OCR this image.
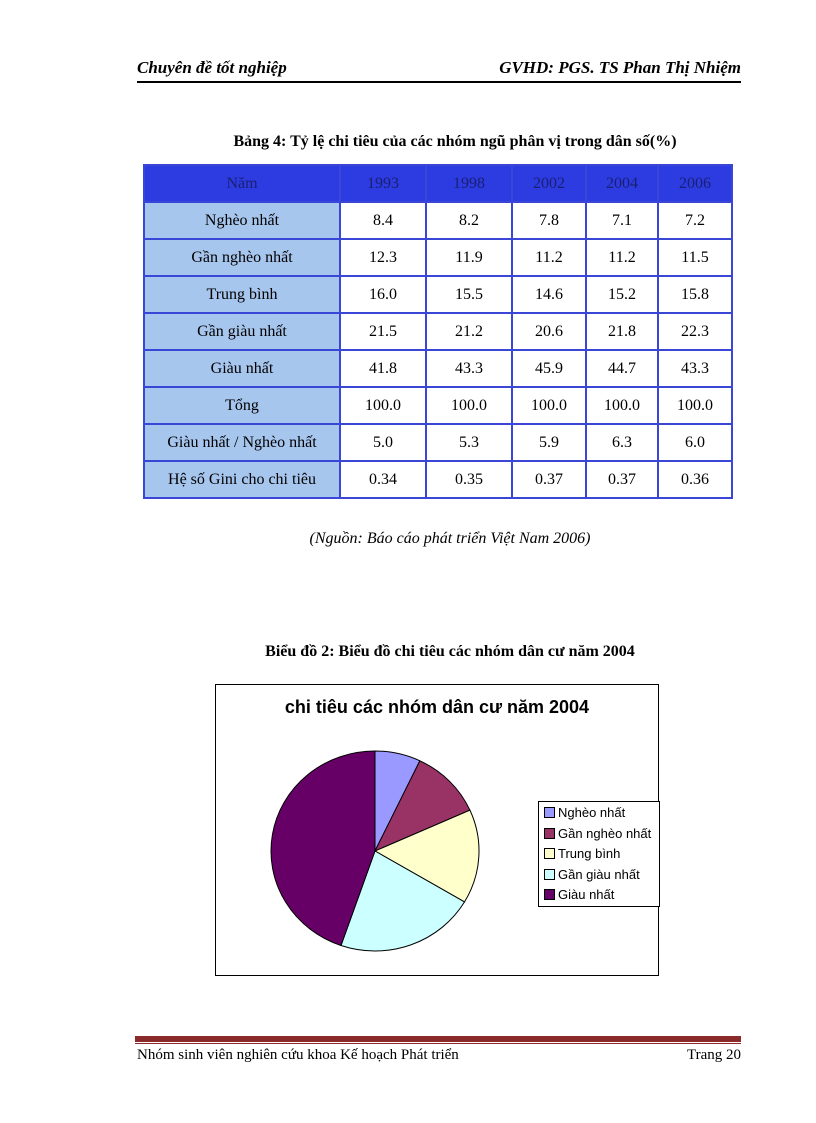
Chuyên đề tốt nghiệp	GVHD: PGS. TS Phan Thị Nhiệm
Bảng 4: Tỷ lệ chi tiêu của các nhóm ngũ phân vị trong dân số(%)
Năm	1993	1998	2002	2004	2006
Nghèo nhất	8.4	8.2	7.8	7.1	7.2
Gần nghèo nhất	12.3	11.9	11.2	11.2	11.5
Trung bình	16.0	15.5	14.6	15.2	15.8
Gần giàu nhất	21.5	21.2	20.6	21.8	22.3
Giàu nhất	41.8	43.3	45.9	44.7	43.3
Tổng	100.0	100.0	100.0	100.0	100.0
Giàu nhất / Nghèo nhất	5.0	5.3	5.9	6.3	6.0
Hệ số Gini cho chi tiêu	0.34	0.35	0.37	0.37	0.36
(Nguồn: Báo cáo phát triển Việt Nam 2006)
Biểu đồ 2: Biểu đồ chi tiêu các nhóm dân cư năm 2004
chi tiêu các nhóm dân cư năm 2004
Nghèo nhất
Gần nghèo nhất
Trung bình
Gần giàu nhất
Giàu nhất
Nhóm sinh viên nghiên cứu khoa Kế hoạch Phát triển	Trang 20
